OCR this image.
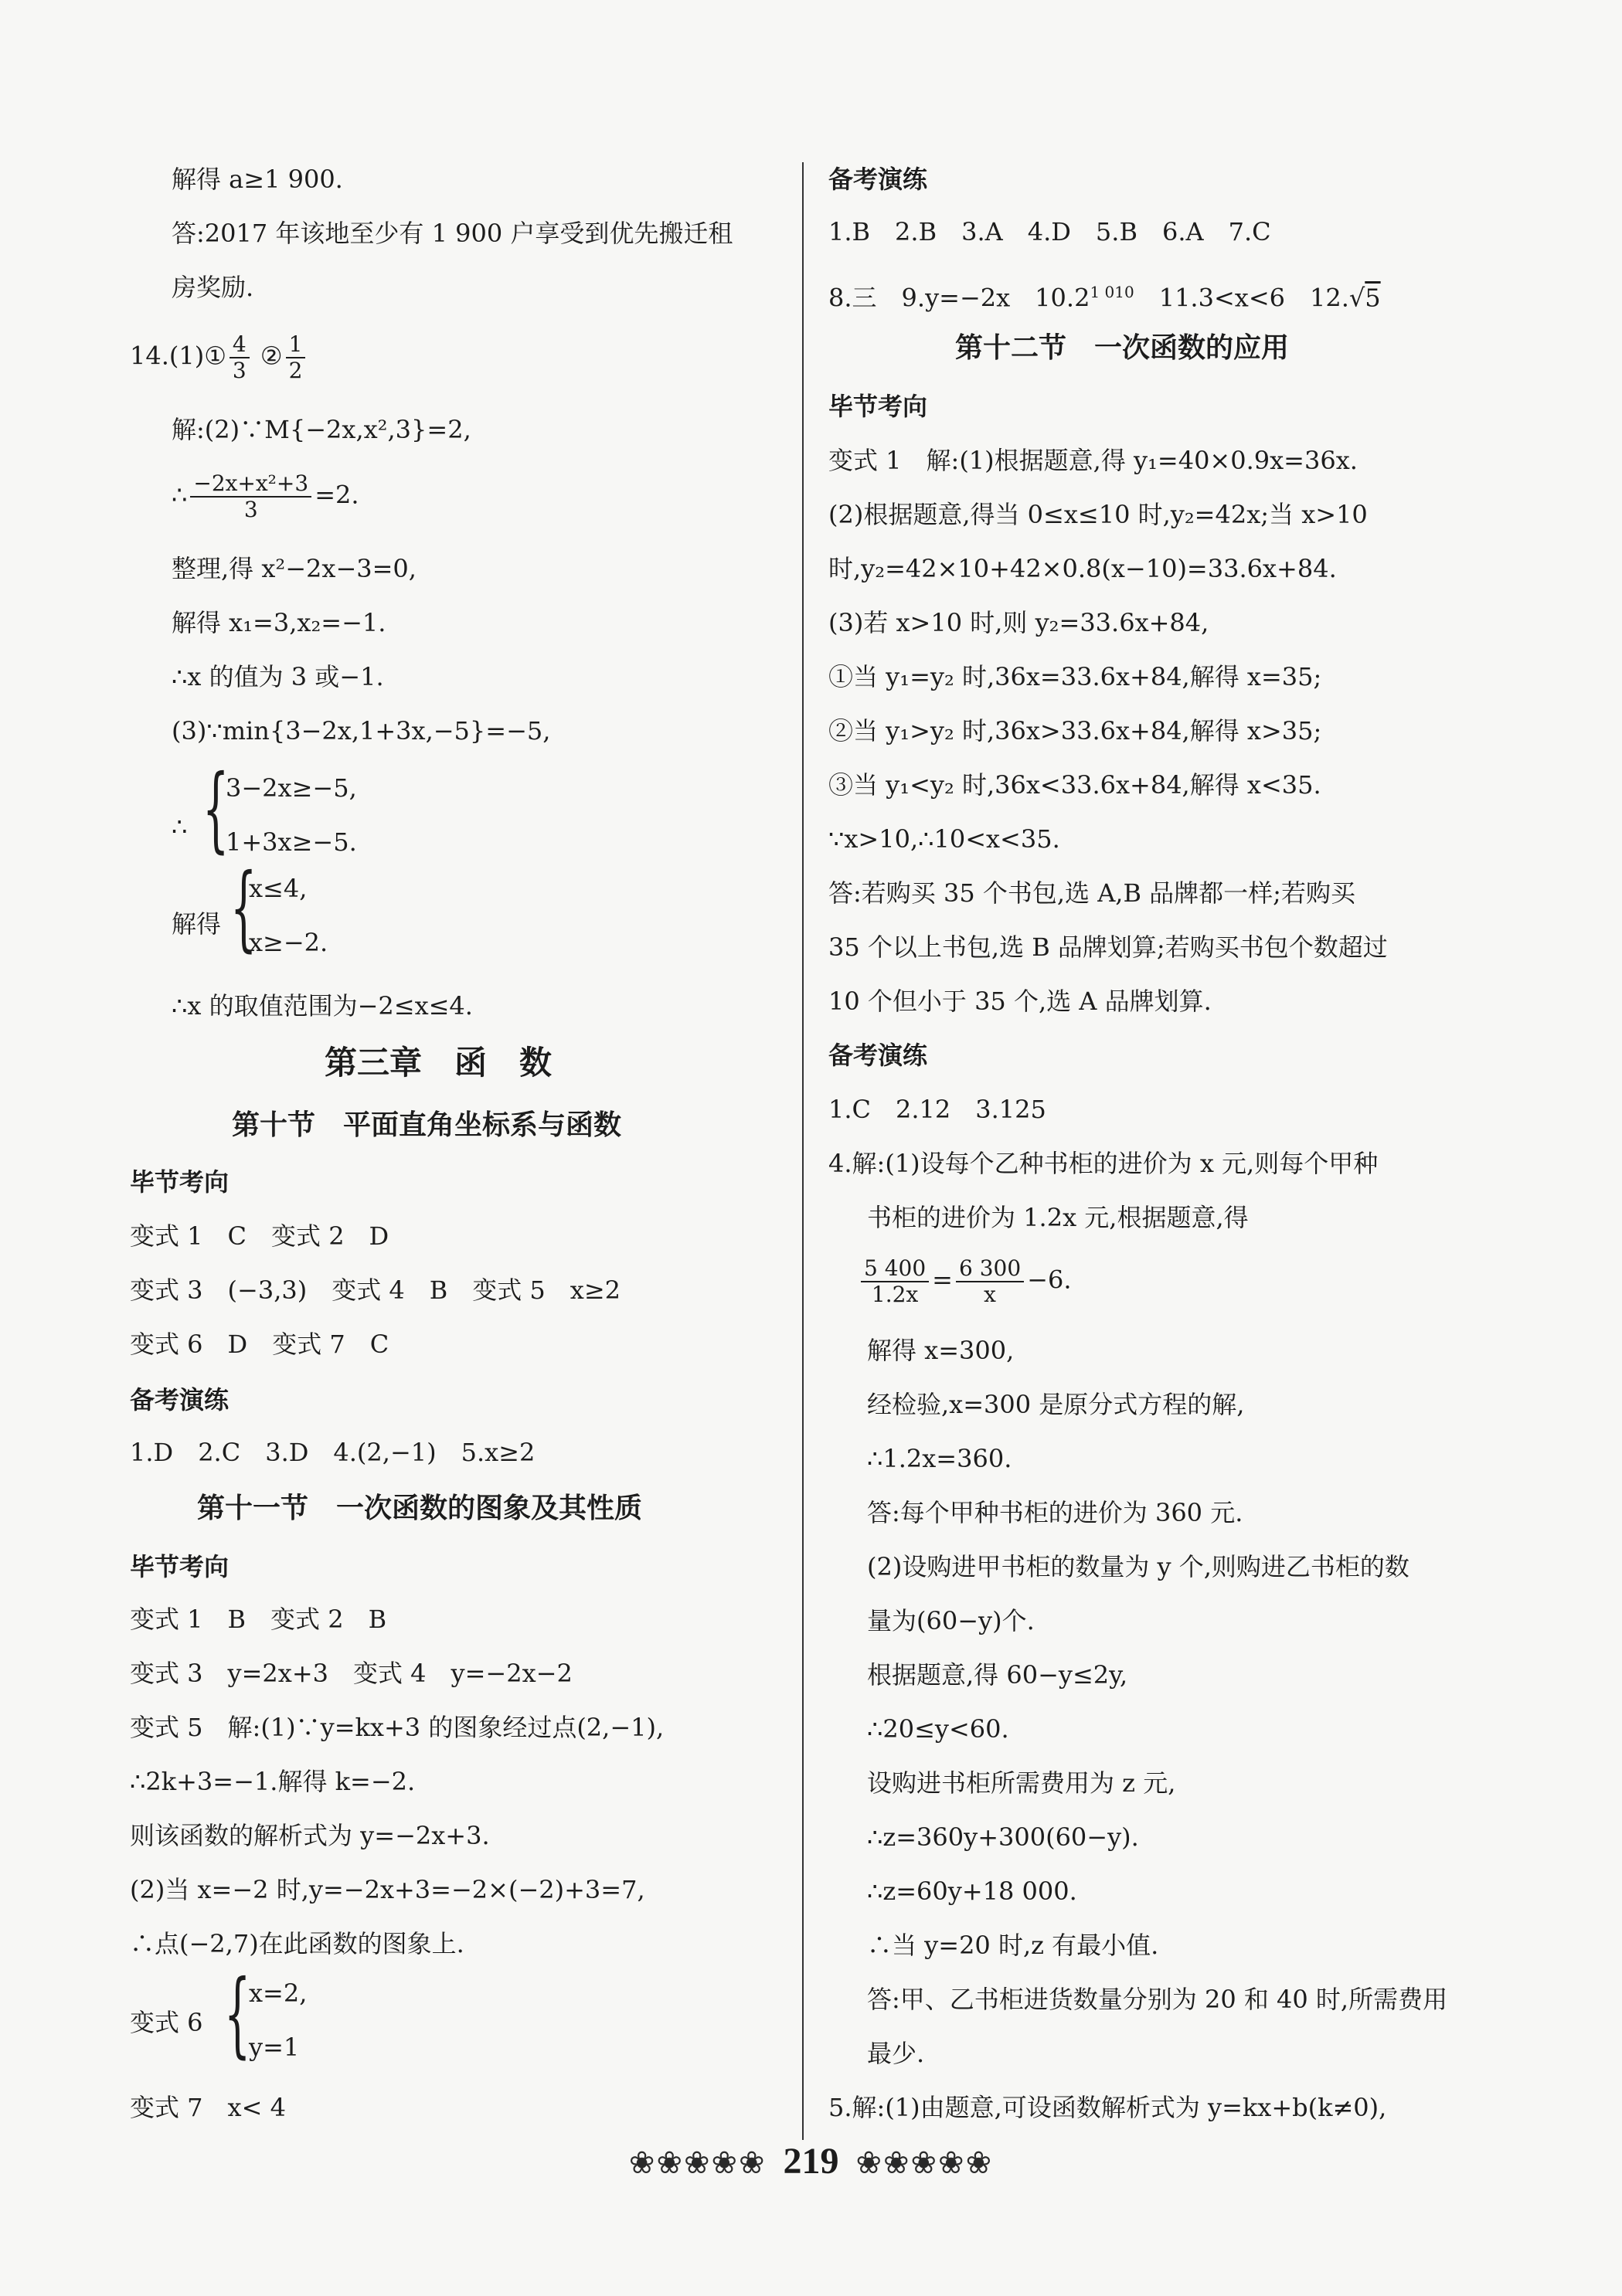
解得 a≥1 900.
答:2017 年该地至少有 1 900 户享受到优先搬迁租
房奖励.
14.(1)① $\frac{4}{3}$ ② $\frac{1}{2}$
解:(2)∵M{−2x,x²,3}=2,
∴ $\frac{\text{−2x+x²+3}}{3} =2$.
整理,得 x²−2x−3=0,
解得 x₁=3,x₂=−1.
∴x 的值为 3 或−1.
(3)∵min{3−2x,1+3x,−5}=−5,
∴ {
3−2x≥−5,
1+3x≥−5.
解得 {
x≤4,
x≥−2.
∴x 的取值范围为−2≤x≤4.
第三章　函　数
第十节　平面直角坐标系与函数
毕节考向
变式 1　C　变式 2　D
变式 3　(−3,3)　变式 4　B　变式 5　x≥2
变式 6　D　变式 7　C
备考演练
1.D　2.C　3.D　4.(2,−1)　5.x≥2
第十一节　一次函数的图象及其性质
毕节考向
变式 1　B　变式 2　B
变式 3　y=2x+3　变式 4　y=−2x−2
变式 5　解:(1)∵y=kx+3 的图象经过点(2,−1),
∴2k+3=−1.解得 k=−2.
则该函数的解析式为 y=−2x+3.
(2)当 x=−2 时,y=−2x+3=−2×(−2)+3=7,
∴点(−2,7)在此函数的图象上.
变式 6 {
x=2,
y=1
变式 7　x< 4
备考演练
1.B　2.B　3.A　4.D　5.B　6.A　7.C
8.三　9.y=−2x　$10.2^{1 010}$　11.3<x<6　12.√5
第十二节　一次函数的应用
毕节考向
变式 1　解:(1)根据题意,得 y₁=40×0.9x=36x.
(2)根据题意,得当 0≤x≤10 时,y₂=42x;当 x>10
时,y₂=42×10+42×0.8(x−10)=33.6x+84.
(3)若 x>10 时,则 y₂=33.6x+84,
①当 y₁=y₂ 时,36x=33.6x+84,解得 x=35;
②当 y₁>y₂ 时,36x>33.6x+84,解得 x>35;
③当 y₁<y₂ 时,36x<33.6x+84,解得 x<35.
∵x>10,∴10<x<35.
答:若购买 35 个书包,选 A,B 品牌都一样;若购买
35 个以上书包,选 B 品牌划算;若购买书包个数超过
10 个但小于 35 个,选 A 品牌划算.
备考演练
1.C　2.12　3.125
4.解:(1)设每个乙种书柜的进价为 x 元,则每个甲种
书柜的进价为 1.2x 元,根据题意,得
$\frac{5 400}{1.2x} = \frac{6 300}{x} -6$.
解得 x=300,
经检验,x=300 是原分式方程的解,
∴1.2x=360.
答:每个甲种书柜的进价为 360 元.
(2)设购进甲书柜的数量为 y 个,则购进乙书柜的数
量为(60−y)个.
根据题意,得 60−y≤2y,
∴20≤y<60.
设购进书柜所需费用为 z 元,
∴z=360y+300(60−y).
∴z=60y+18 000.
∴当 y=20 时,z 有最小值.
答:甲、乙书柜进货数量分别为 20 和 40 时,所需费用
最少.
5.解:(1)由题意,可设函数解析式为 y=kx+b(k≠0),
❀❀❀❀❀ 219 ❀❀❀❀❀
